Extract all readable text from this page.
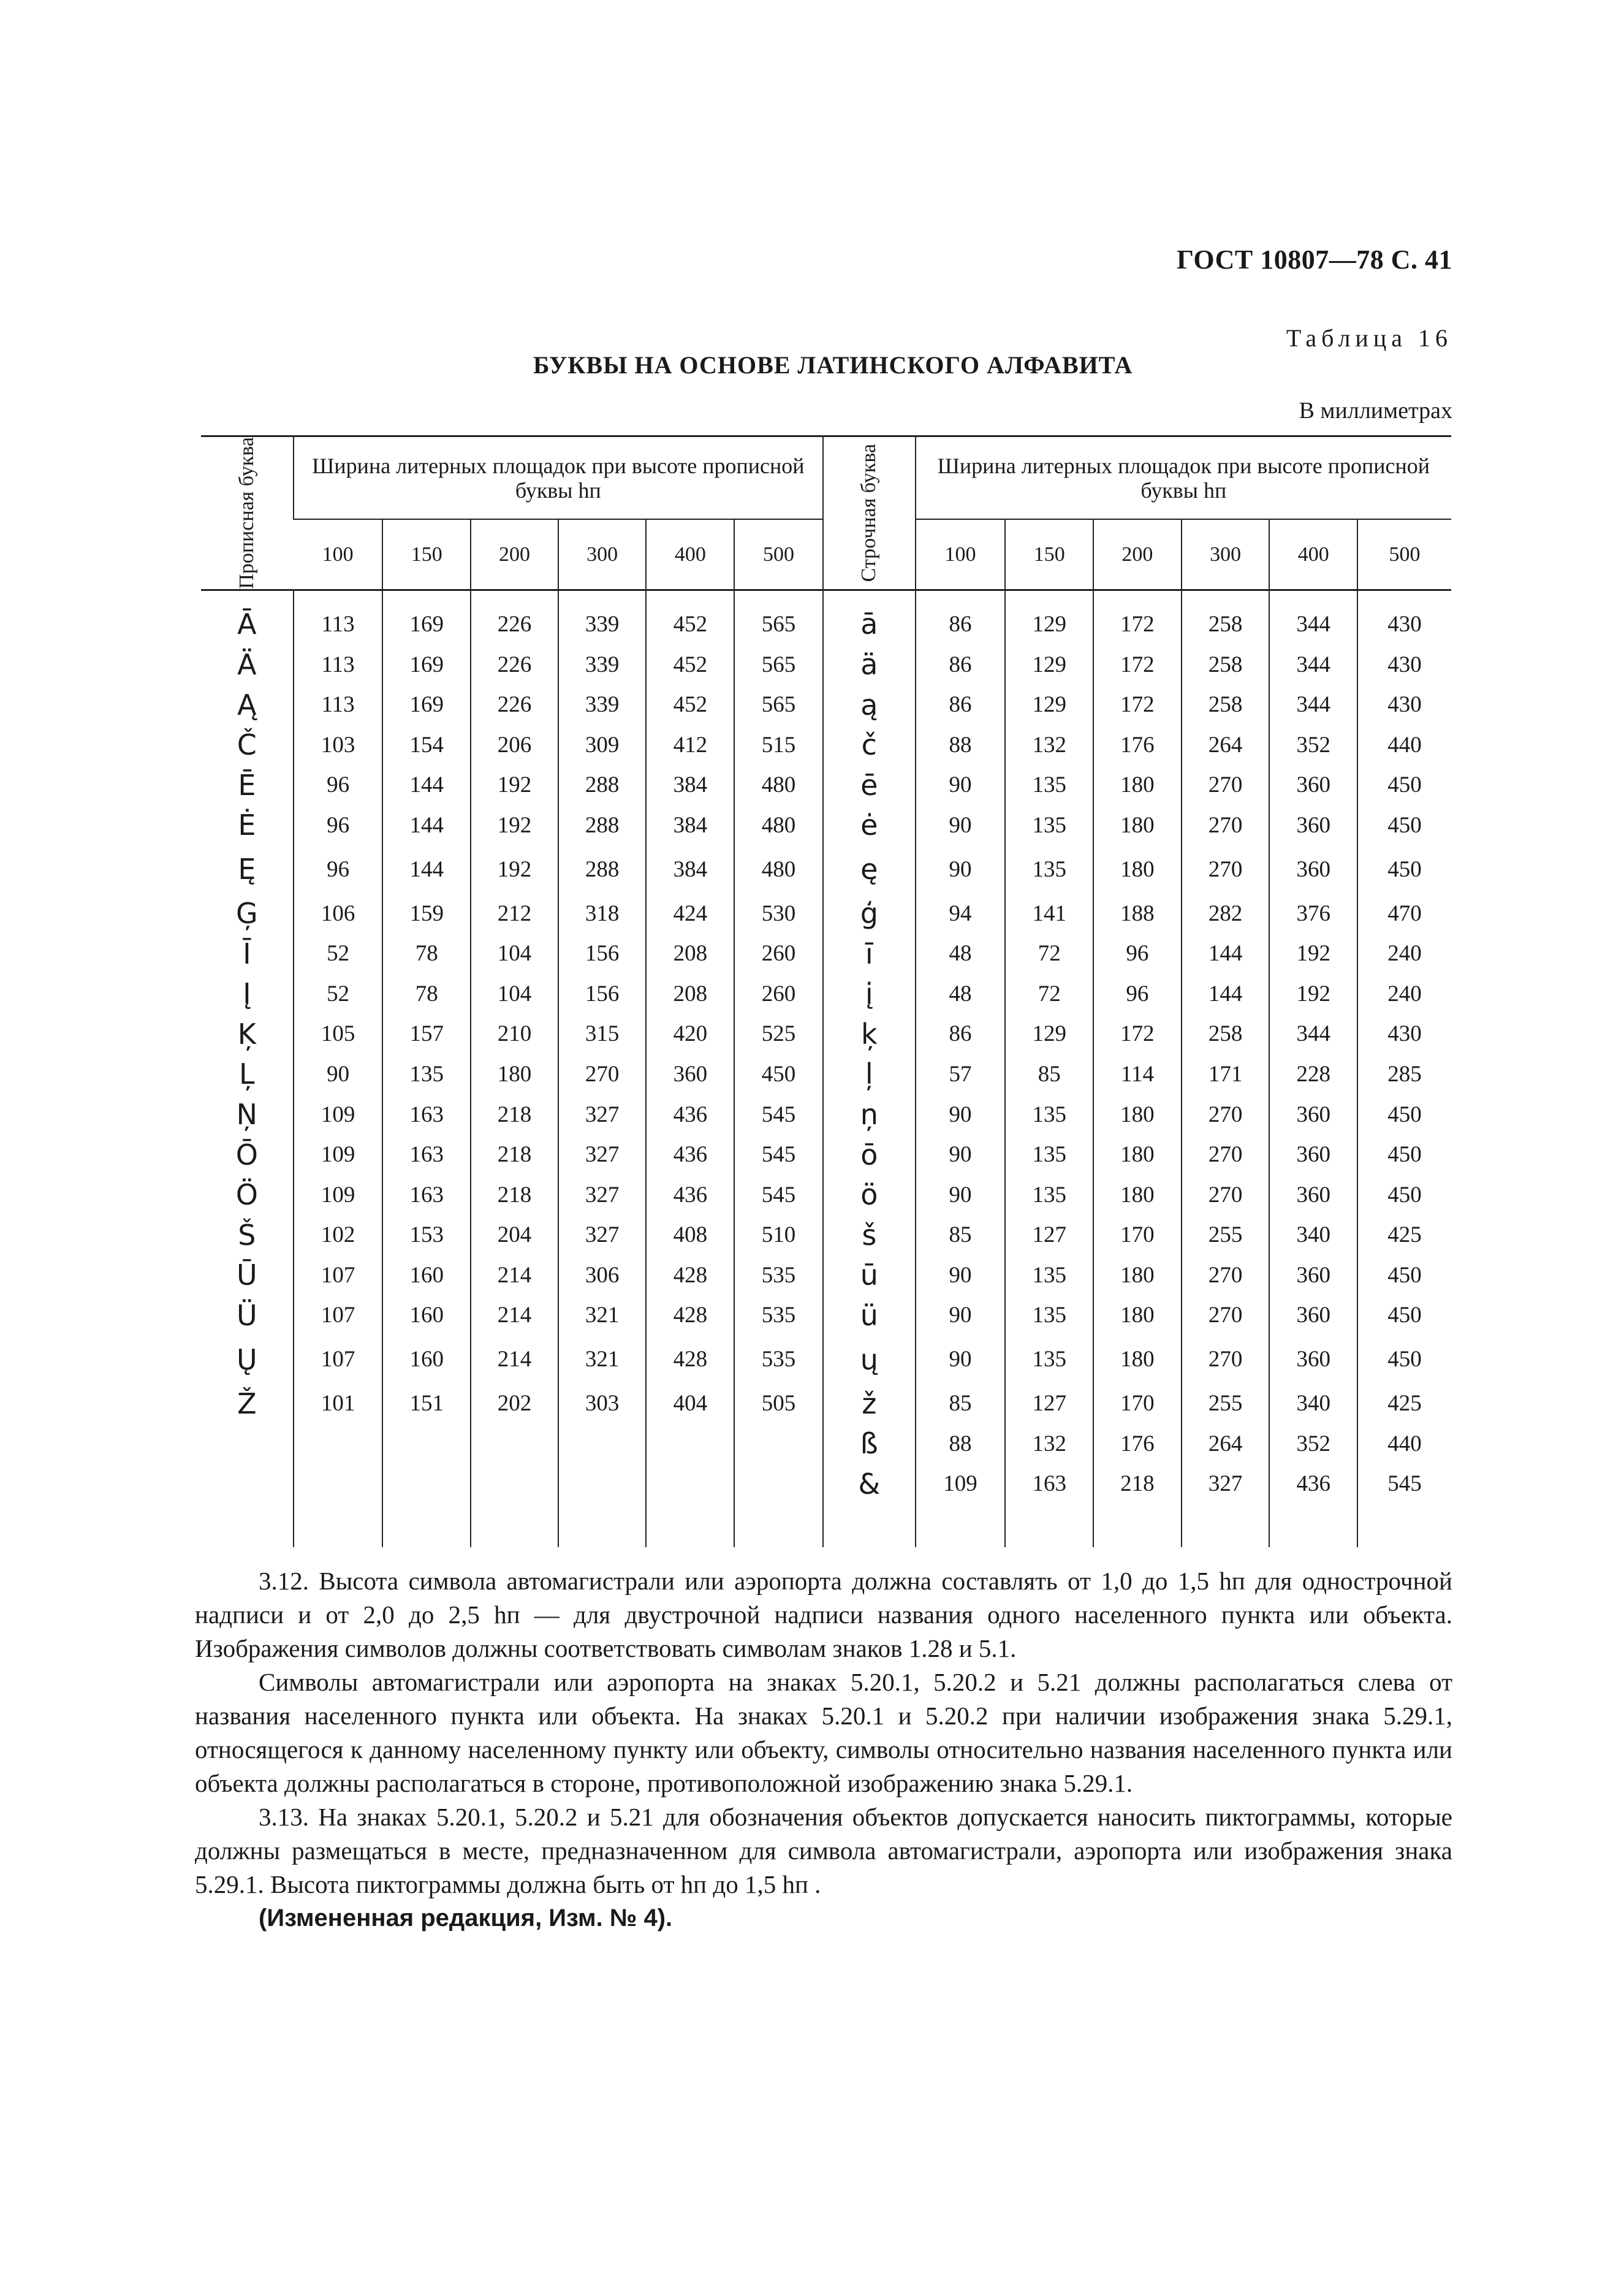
ГОСТ 10807—78 С. 41
Таблица 16
БУКВЫ НА ОСНОВЕ ЛАТИНСКОГО АЛФАВИТА
В миллиметрах
Прописная буква	Ширина литерных площадок при высоте прописной буквы hп						Строчная буква	Ширина литерных площадок при высоте прописной буквы hп					
	100	150	200	300	400	500		100	150	200	300	400	500
Ā	113	169	226	339	452	565	ā	86	129	172	258	344	430
Ä	113	169	226	339	452	565	ä	86	129	172	258	344	430
Ą	113	169	226	339	452	565	ą	86	129	172	258	344	430
Č	103	154	206	309	412	515	č	88	132	176	264	352	440
Ē	96	144	192	288	384	480	ē	90	135	180	270	360	450
Ė	96	144	192	288	384	480	ė	90	135	180	270	360	450
Ę	96	144	192	288	384	480	ę	90	135	180	270	360	450
Ģ	106	159	212	318	424	530	ģ	94	141	188	282	376	470
Ī	52	78	104	156	208	260	ī	48	72	96	144	192	240
Į	52	78	104	156	208	260	į	48	72	96	144	192	240
Ķ	105	157	210	315	420	525	ķ	86	129	172	258	344	430
Ļ	90	135	180	270	360	450	ļ	57	85	114	171	228	285
Ņ	109	163	218	327	436	545	ņ	90	135	180	270	360	450
Ō	109	163	218	327	436	545	ō	90	135	180	270	360	450
Ö	109	163	218	327	436	545	ö	90	135	180	270	360	450
Š	102	153	204	327	408	510	š	85	127	170	255	340	425
Ū	107	160	214	306	428	535	ū	90	135	180	270	360	450
Ü	107	160	214	321	428	535	ü	90	135	180	270	360	450
Ų	107	160	214	321	428	535	ų	90	135	180	270	360	450
Ž	101	151	202	303	404	505	ž	85	127	170	255	340	425
							ß	88	132	176	264	352	440
							&	109	163	218	327	436	545

3.12. Высота символа автомагистрали или аэропорта должна составлять от 1,0 до 1,5 hп для однострочной надписи и от 2,0 до 2,5 hп — для двустрочной надписи названия одного населенного пункта или объекта. Изображения символов должны соответствовать символам знаков 1.28 и 5.1.

Символы автомагистрали или аэропорта на знаках 5.20.1, 5.20.2 и 5.21 должны располагаться слева от названия населенного пункта или объекта. На знаках 5.20.1 и 5.20.2 при наличии изображения знака 5.29.1, относящегося к данному населенному пункту или объекту, символы относительно названия населенного пункта или объекта должны располагаться в стороне, противоположной изображению знака 5.29.1.

3.13. На знаках 5.20.1, 5.20.2 и 5.21 для обозначения объектов допускается наносить пиктограммы, которые должны размещаться в месте, предназначенном для символа автомагистрали, аэропорта или изображения знака 5.29.1. Высота пиктограммы должна быть от hп до 1,5 hп .

(Измененная редакция, Изм. № 4).
